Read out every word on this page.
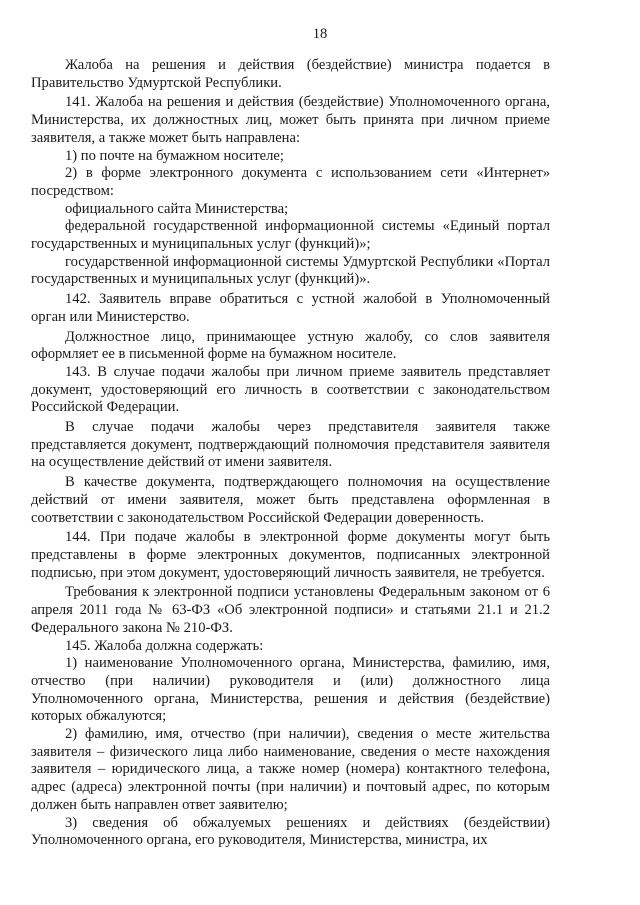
18

Жалоба на решения и действия (бездействие) министра подается в Правительство Удмуртской Республики.

141. Жалоба на решения и действия (бездействие) Уполномоченного органа, Министерства, их должностных лиц, может быть принята при личном приеме заявителя, а также может быть направлена:

1) по почте на бумажном носителе;

2) в форме электронного документа с использованием сети «Интернет» посредством:

официального сайта Министерства;

федеральной государственной информационной системы «Единый портал государственных и муниципальных услуг (функций)»;

государственной информационной системы Удмуртской Республики «Портал государственных и муниципальных услуг (функций)».

142. Заявитель вправе обратиться с устной жалобой в Уполномоченный орган или Министерство.

Должностное лицо, принимающее устную жалобу, со слов заявителя оформляет ее в письменной форме на бумажном носителе.

143. В случае подачи жалобы при личном приеме заявитель представляет документ, удостоверяющий его личность в соответствии с законодательством Российской Федерации.

В случае подачи жалобы через представителя заявителя также представляется документ, подтверждающий полномочия представителя заявителя на осуществление действий от имени заявителя.

В качестве документа, подтверждающего полномочия на осуществление действий от имени заявителя, может быть представлена оформленная в соответствии с законодательством Российской Федерации доверенность.

144. При подаче жалобы в электронной форме документы могут быть представлены в форме электронных документов, подписанных электронной подписью, при этом документ, удостоверяющий личность заявителя, не требуется.

Требования к электронной подписи установлены Федеральным законом от 6 апреля 2011 года № 63-ФЗ «Об электронной подписи» и статьями 21.1 и 21.2 Федерального закона № 210-ФЗ.

145. Жалоба должна содержать:

1) наименование Уполномоченного органа, Министерства, фамилию, имя, отчество (при наличии) руководителя и (или) должностного лица Уполномоченного органа, Министерства, решения и действия (бездействие) которых обжалуются;

2) фамилию, имя, отчество (при наличии), сведения о месте жительства заявителя – физического лица либо наименование, сведения о месте нахождения заявителя – юридического лица, а также номер (номера) контактного телефона, адрес (адреса) электронной почты (при наличии) и почтовый адрес, по которым должен быть направлен ответ заявителю;

3) сведения об обжалуемых решениях и действиях (бездействии) Уполномоченного органа, его руководителя, Министерства, министра, их
